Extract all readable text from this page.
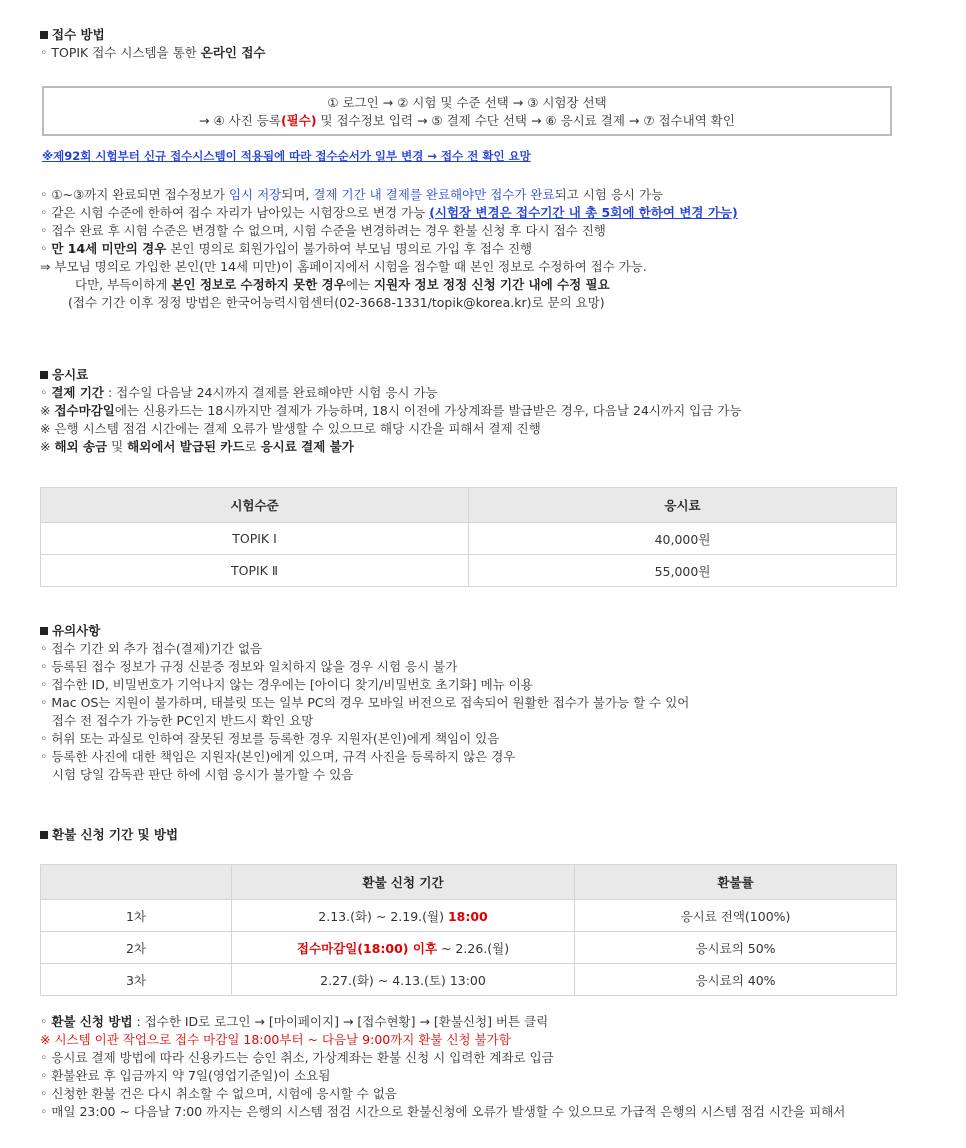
접수 방법
◦ TOPIK 접수 시스템을 통한 온라인 접수
① 로그인 → ② 시험 및 수준 선택 → ③ 시험장 선택
→ ④ 사진 등록(필수) 및 접수정보 입력 → ⑤ 결제 수단 선택 → ⑥ 응시료 결제 → ⑦ 접수내역 확인
※제92회 시험부터 신규 접수시스템이 적용됨에 따라 접수순서가 일부 변경 → 접수 전 확인 요망
◦ ①~③까지 완료되면 접수정보가 임시 저장되며, 결제 기간 내 결제를 완료해야만 접수가 완료되고 시험 응시 가능
◦ 같은 시험 수준에 한하여 접수 자리가 남아있는 시험장으로 변경 가능 (시험장 변경은 접수기간 내 총 5회에 한하여 변경 가능)
◦ 접수 완료 후 시험 수준은 변경할 수 없으며, 시험 수준을 변경하려는 경우 환불 신청 후 다시 접수 진행
◦ 만 14세 미만의 경우 본인 명의로 회원가입이 불가하여 부모님 명의로 가입 후 접수 진행
⇒ 부모님 명의로 가입한 본인(만 14세 미만)이 홈페이지에서 시험을 접수할 때 본인 정보로 수정하여 접수 가능.
다만, 부득이하게 본인 정보로 수정하지 못한 경우에는 지원자 정보 정정 신청 기간 내에 수정 필요
(접수 기간 이후 정정 방법은 한국어능력시험센터(02-3668-1331/topik@korea.kr)로 문의 요망)
응시료
◦ 결제 기간 : 접수일 다음날 24시까지 결제를 완료해야만 시험 응시 가능
※ 접수마감일에는 신용카드는 18시까지만 결제가 가능하며, 18시 이전에 가상계좌를 발급받은 경우, 다음날 24시까지 입금 가능
※ 은행 시스템 점검 시간에는 결제 오류가 발생할 수 있으므로 해당 시간을 피해서 결제 진행
※ 해외 송금 및 해외에서 발급된 카드로 응시료 결제 불가
시험수준	응시료
TOPIK Ⅰ	40,000원
TOPIK Ⅱ	55,000원
유의사항
◦ 접수 기간 외 추가 접수(결제)기간 없음
◦ 등록된 접수 정보가 규정 신분증 정보와 일치하지 않을 경우 시험 응시 불가
◦ 접수한 ID, 비밀번호가 기억나지 않는 경우에는 [아이디 찾기/비밀번호 초기화] 메뉴 이용
◦ Mac OS는 지원이 불가하며, 태블릿 또는 일부 PC의 경우 모바일 버전으로 접속되어 원활한 접수가 불가능 할 수 있어
접수 전 접수가 가능한 PC인지 반드시 확인 요망
◦ 허위 또는 과실로 인하여 잘못된 정보를 등록한 경우 지원자(본인)에게 책임이 있음
◦ 등록한 사진에 대한 책임은 지원자(본인)에게 있으며, 규격 사진을 등록하지 않은 경우
시험 당일 감독관 판단 하에 시험 응시가 불가할 수 있음
환불 신청 기간 및 방법
	환불 신청 기간	환불률
1차	2.13.(화) ~ 2.19.(월) 18:00	응시료 전액(100%)
2차	접수마감일(18:00) 이후 ~ 2.26.(월)	응시료의 50%
3차	2.27.(화) ~ 4.13.(토) 13:00	응시료의 40%
◦ 환불 신청 방법 : 접수한 ID로 로그인 → [마이페이지] → [접수현황] → [환불신청] 버튼 클릭
※ 시스템 이관 작업으로 접수 마감일 18:00부터 ~ 다음날 9:00까지 환불 신청 불가함
◦ 응시료 결제 방법에 따라 신용카드는 승인 취소, 가상계좌는 환불 신청 시 입력한 계좌로 입금
◦ 환불완료 후 입금까지 약 7일(영업기준일)이 소요됨
◦ 신청한 환불 건은 다시 취소할 수 없으며, 시험에 응시할 수 없음
◦ 매일 23:00 ~ 다음날 7:00 까지는 은행의 시스템 점검 시간으로 환불신청에 오류가 발생할 수 있으므로 가급적 은행의 시스템 점검 시간을 피해서
